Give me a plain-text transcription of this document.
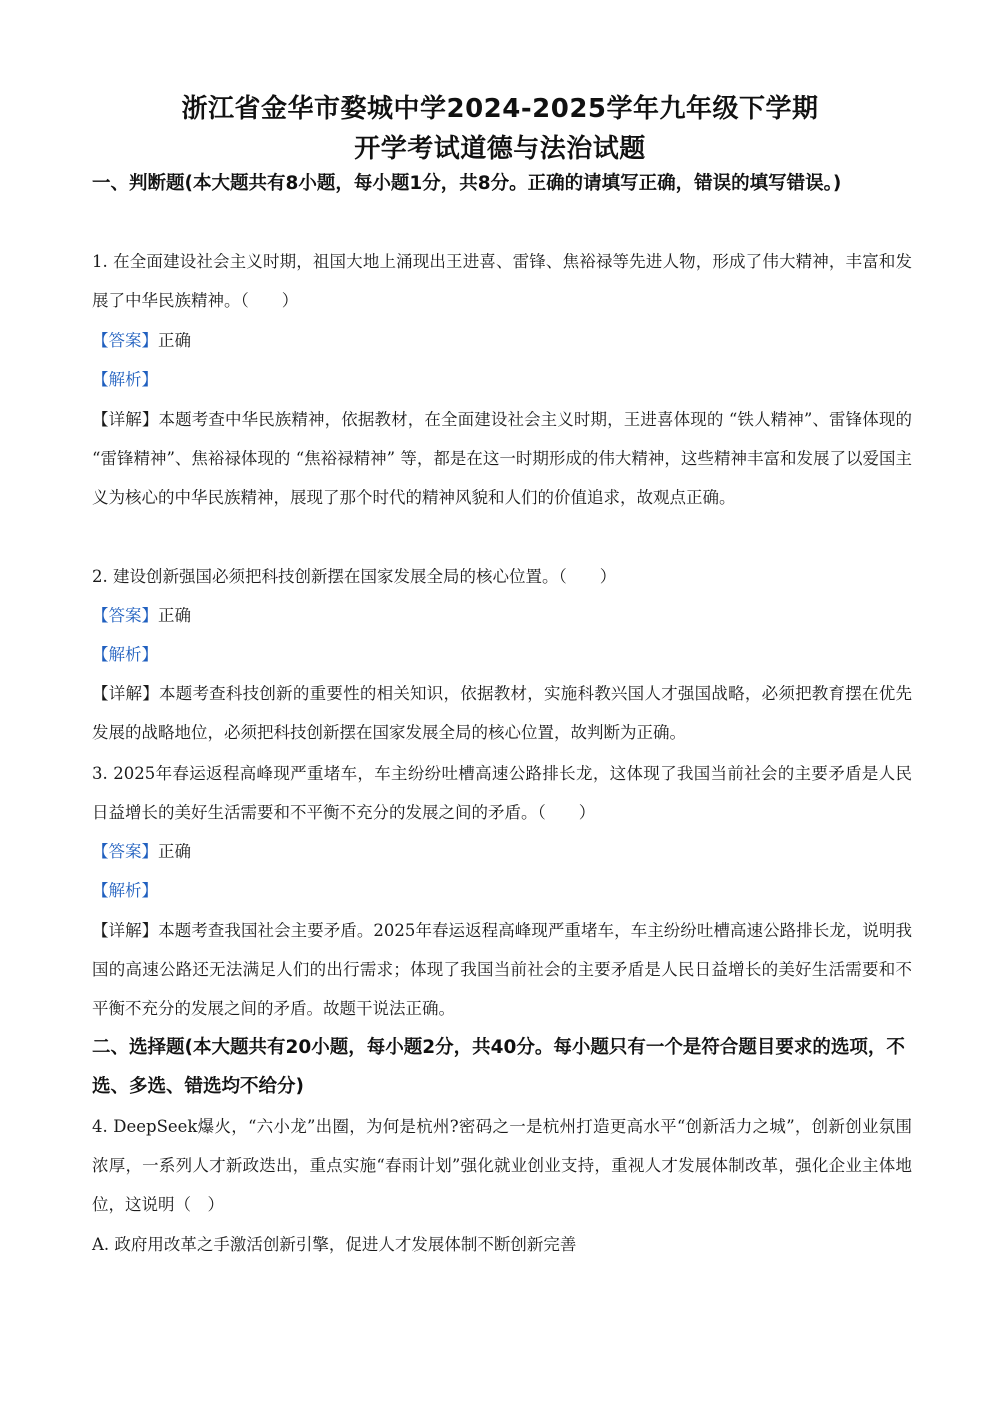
浙江省金华市婺城中学2024-2025学年九年级下学期
开学考试道德与法治试题
一、判断题(本大题共有8小题，每小题1分，共8分。正确的请填写正确，错误的填写错误。)
1. 在全面建设社会主义时期，祖国大地上涌现出王进喜、雷锋、焦裕禄等先进人物，形成了伟大精神，丰富和发展了中华民族精神。（　　）
【答案】正确
【解析】
【详解】本题考查中华民族精神，依据教材，在全面建设社会主义时期，王进喜体现的 “铁人精神”、雷锋体现的 “雷锋精神”、焦裕禄体现的 “焦裕禄精神” 等，都是在这一时期形成的伟大精神，这些精神丰富和发展了以爱国主义为核心的中华民族精神，展现了那个时代的精神风貌和人们的价值追求，故观点正确。
2. 建设创新强国必须把科技创新摆在国家发展全局的核心位置。（　　）
【答案】正确
【解析】
【详解】本题考查科技创新的重要性的相关知识，依据教材，实施科教兴国人才强国战略，必须把教育摆在优先发展的战略地位，必须把科技创新摆在国家发展全局的核心位置，故判断为正确。
3. 2025年春运返程高峰现严重堵车，车主纷纷吐槽高速公路排长龙，这体现了我国当前社会的主要矛盾是人民日益增长的美好生活需要和不平衡不充分的发展之间的矛盾。（　　）
【答案】正确
【解析】
【详解】本题考查我国社会主要矛盾。2025年春运返程高峰现严重堵车，车主纷纷吐槽高速公路排长龙，说明我国的高速公路还无法满足人们的出行需求；体现了我国当前社会的主要矛盾是人民日益增长的美好生活需要和不平衡不充分的发展之间的矛盾。故题干说法正确。
二、选择题(本大题共有20小题，每小题2分，共40分。每小题只有一个是符合题目要求的选项，不选、多选、错选均不给分)
4. DeepSeek爆火，“六小龙”出圈，为何是杭州?密码之一是杭州打造更高水平“创新活力之城”，创新创业氛围浓厚，一系列人才新政迭出，重点实施“春雨计划”强化就业创业支持，重视人才发展体制改革，强化企业主体地位，这说明（　）
A. 政府用改革之手激活创新引擎，促进人才发展体制不断创新完善
